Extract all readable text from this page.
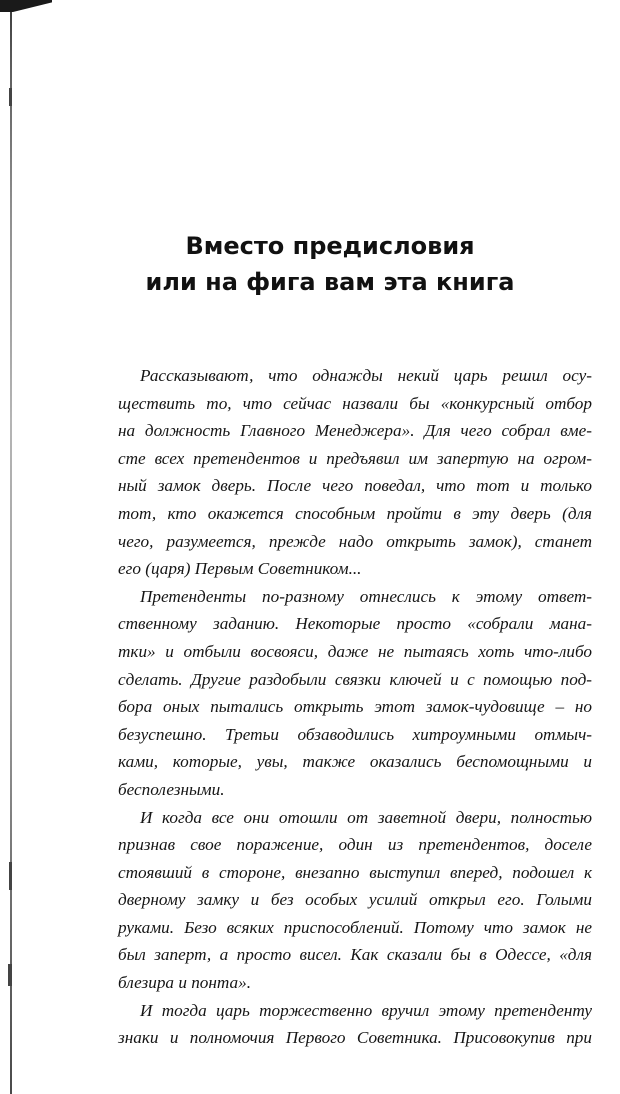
Вместо предисловия
или на фига вам эта книга
Рассказывают, что однажды некий царь решил осу-
ществить то, что сейчас назвали бы «конкурсный отбор
на должность Главного Менеджера». Для чего собрал вме-
сте всех претендентов и предъявил им запертую на огром-
ный замок дверь. После чего поведал, что тот и только
тот, кто окажется способным пройти в эту дверь (для
чего, разумеется, прежде надо открыть замок), станет
его (царя) Первым Советником...
Претенденты по-разному отнеслись к этому ответ-
ственному заданию. Некоторые просто «собрали мана-
тки» и отбыли восвояси, даже не пытаясь хоть что-либо
сделать. Другие раздобыли связки ключей и с помощью под-
бора оных пытались открыть этот замок-чудовище – но
безуспешно. Третьи обзаводились хитроумными отмыч-
ками, которые, увы, также оказались беспомощными и
бесполезными.
И когда все они отошли от заветной двери, полностью
признав свое поражение, один из претендентов, доселе
стоявший в стороне, внезапно выступил вперед, подошел к
дверному замку и без особых усилий открыл его. Голыми
руками. Безо всяких приспособлений. Потому что замок не
был заперт, а просто висел. Как сказали бы в Одессе, «для
блезира и понта».
И тогда царь торжественно вручил этому претенденту
знаки и полномочия Первого Советника. Присовокупив при
